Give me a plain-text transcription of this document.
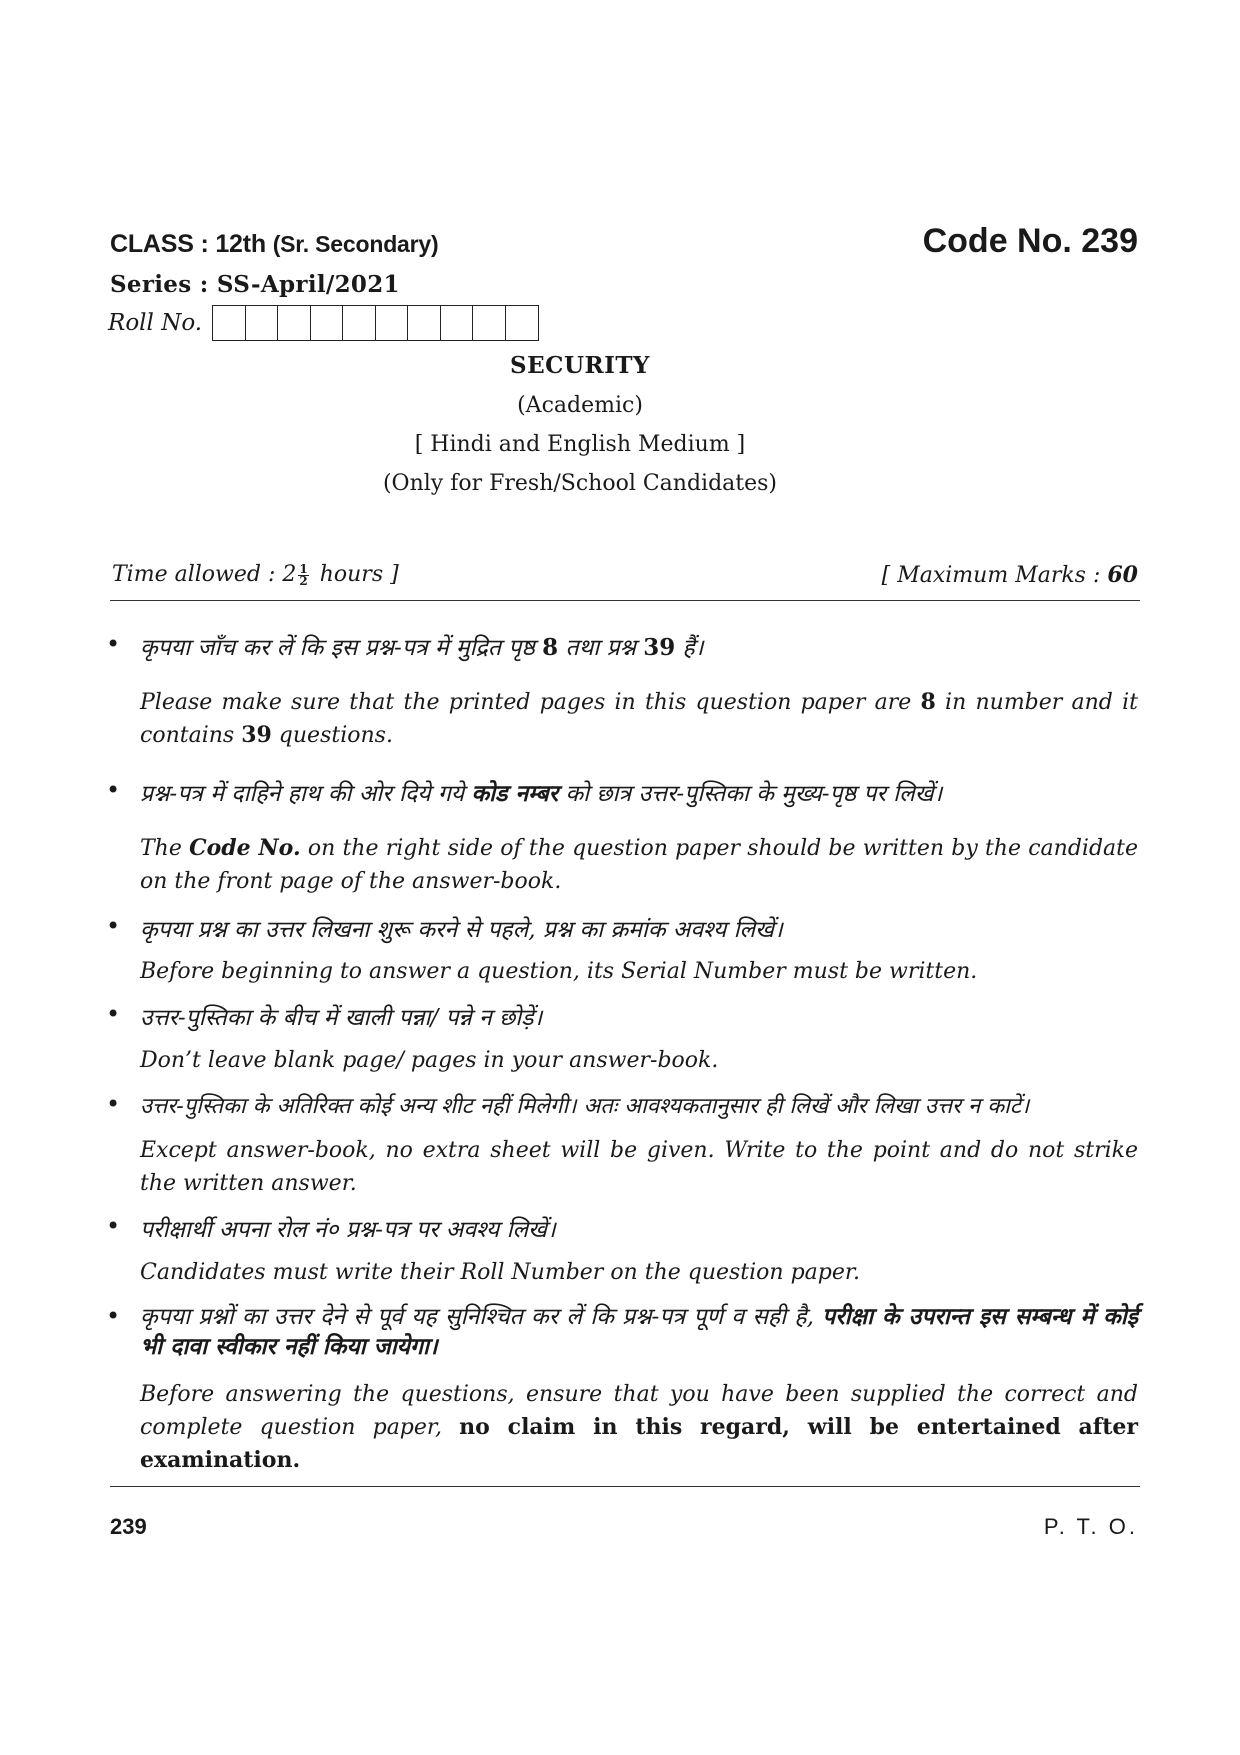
CLASS : 12th (Sr. Secondary)
Series : SS-April/2021
Code No. 239
Roll No.
SECURITY
(Academic)
[ Hindi and English Medium ]
(Only for Fresh/School Candidates)
Time allowed : $2 \frac{1}{2}$ hours ]	[ Maximum Marks : 60
• कृपया जाँच कर लें कि इस प्रश्न-पत्र में मुद्रित पृष्ठ 8 तथा प्रश्न 39 हैं।
Please make sure that the printed pages in this question paper are 8 in number and it contains 39 questions.
• प्रश्न-पत्र में दाहिने हाथ की ओर दिये गये कोड नम्बर को छात्र उत्तर-पुस्तिका के मुख्य-पृष्ठ पर लिखें।
The Code No. on the right side of the question paper should be written by the candidate on the front page of the answer-book.
• कृपया प्रश्न का उत्तर लिखना शुरू करने से पहले, प्रश्न का क्रमांक अवश्य लिखें।
Before beginning to answer a question, its Serial Number must be written.
• उत्तर-पुस्तिका के बीच में खाली पन्ना/ पन्ने न छोड़ें।
Don’t leave blank page/ pages in your answer-book.
• उत्तर-पुस्तिका के अतिरिक्त कोई अन्य शीट नहीं मिलेगी। अतः आवश्यकतानुसार ही लिखें और लिखा उत्तर न काटें।
Except answer-book, no extra sheet will be given. Write to the point and do not strike the written answer.
• परीक्षार्थी अपना रोल नं० प्रश्न-पत्र पर अवश्य लिखें।
Candidates must write their Roll Number on the question paper.
• कृपया प्रश्नों का उत्तर देने से पूर्व यह सुनिश्चित कर लें कि प्रश्न-पत्र पूर्ण व सही है, परीक्षा के उपरान्त इस सम्बन्ध में कोई भी दावा स्वीकार नहीं किया जायेगा।
Before answering the questions, ensure that you have been supplied the correct and complete question paper, no claim in this regard, will be entertained after examination.
239	P. T. O.
